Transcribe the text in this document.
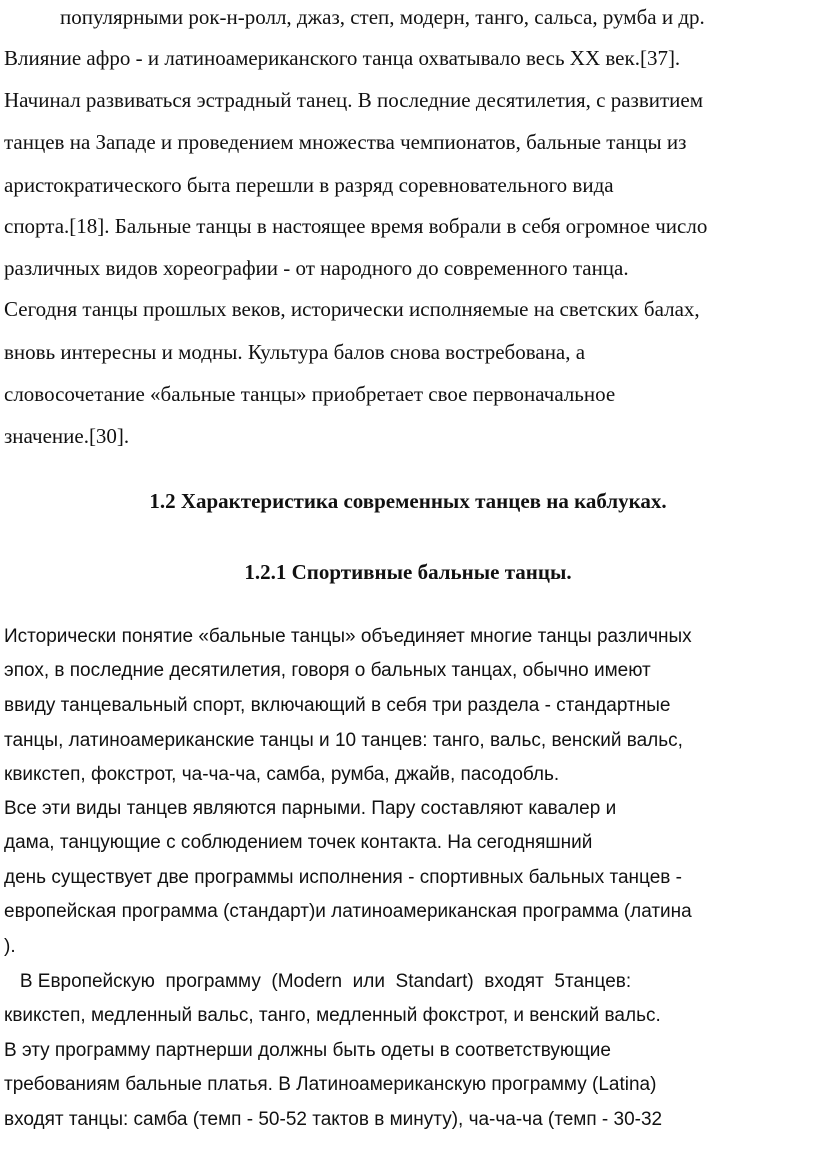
популярными рок-н-ролл, джаз, степ, модерн, танго, сальса, румба и др.
Влияние афро - и латиноамериканского танца охватывало весь XX век.[37].
Начинал развиваться эстрадный танец. В последние десятилетия, с развитием
танцев на Западе и проведением множества чемпионатов, бальные танцы из
аристократического быта перешли в разряд соревновательного вида
спорта.[18]. Бальные танцы в настоящее время вобрали в себя огромное число
различных видов хореографии - от народного до современного танца.
Сегодня танцы прошлых веков, исторически исполняемые на светских балах,
вновь интересны и модны. Культура балов снова востребована, а
словосочетание «бальные танцы» приобретает свое первоначальное
значение.[30].
1.2 Характеристика современных танцев на каблуках.
1.2.1 Спортивные бальные танцы.
Исторически понятие «бальные танцы» объединяет многие танцы различных
эпох, в последние десятилетия, говоря о бальных танцах, обычно имеют
ввиду танцевальный спорт, включающий в себя три раздела - стандартные
танцы, латиноамериканские танцы и 10 танцев: танго, вальс, венский вальс,
квикстеп, фокстрот, ча-ча-ча, самба, румба, джайв, пасодобль.
Все эти виды танцев являются парными. Пару составляют кавалер и
дама, танцующие с соблюдением точек контакта. На сегодняшний
день существует две программы исполнения - спортивных бальных танцев -
европейская программа (стандарт)и латиноамериканская программа (латина
).
В Европейскую  программу  (Modern  или  Standart)  входят  5танцев:
квикстеп, медленный вальс, танго, медленный фокстрот, и венский вальс.
В эту программу партнерши должны быть одеты в соответствующие
требованиям бальные платья. В Латиноамериканскую программу (Latina)
входят танцы: самба (темп - 50-52 тактов в минуту), ча-ча-ча (темп - 30-32
